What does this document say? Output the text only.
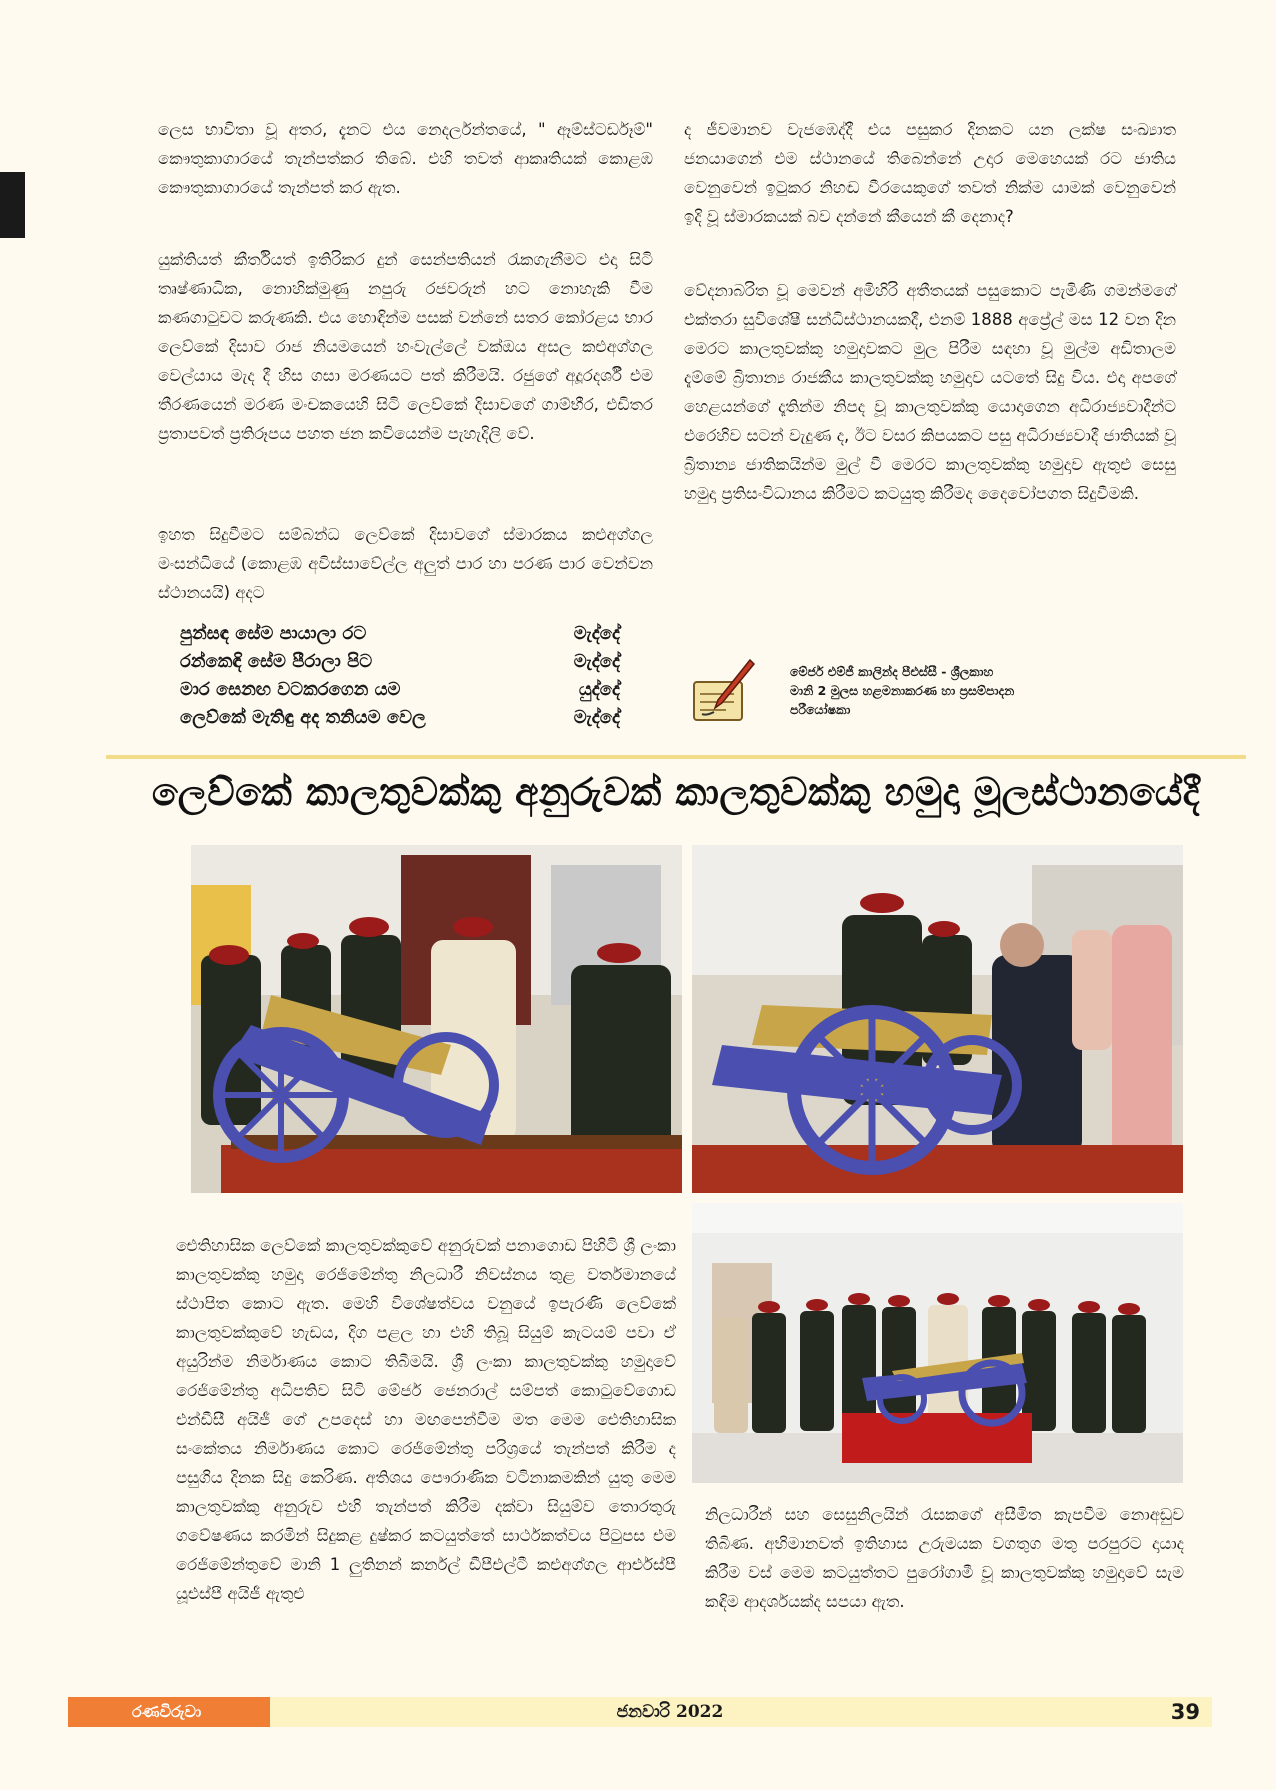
ලෙස භාවිතා වූ අතර, දැනට එය නෙදර්ලන්තයේ, " ඈම්ස්ටර්ඩෑම්" කෞතුකාගාරයේ තැන්පත්කර තිබේ. එහි තවත් ආකෘතියක් කොළඹ කෞතුකාගාරයේ තැන්පත් කර ඇත.

යුක්තියත් කීර්තියත් ඉතිරිකර දුන් සෙන්පතියන් රැකගැනීමට එදා සිටි තෘෂ්ණාධික, නොහික්මුණු නපුරු රජවරුන් හට නොහැකි වීම කණගාටුවට කරුණකි. එය හොඳින්ම පසක් වන්නේ සතර කෝරළය භාර ලෙව්කේ දිසාව රාජ නියමයෙන් හංවැල්ලේ වක්ඔය අසල කළුඅග්ගල වෙල්යාය මැද දී හිස ගසා මරණයට පත් කිරීමයි. රජුගේ අදූරදර්ශී එම තීරණයෙන් මරණ මංචකයෙහි සිටි ලෙව්කේ දිසාවගේ ගාම්භීර, එඩිතර ප්‍රතාපවත් ප්‍රතිරූපය පහත ජන කවියෙන්ම පැහැදිලි වේ.

ඉහත සිදුවීමට සම්බන්ධ ලෙව්කේ දිසාවගේ ස්මාරකය කළුඅග්ගල මංසන්ධියේ (කොළඹ අවිස්සාවේල්ල අලුත් පාර හා පරණ පාර වෙන්වන ස්ථානයයි) අදට

පුන්සඳ සේම පායාලා රට	මැද්දේ
රන්කෙඳි සේම පීරාලා පිට	මැද්දේ
මාර සෙනඟ වටකරගෙන යම	යුද්දේ
ලෙව්කේ මැතිඳු අද තනියම වෙල	මැද්දේ

ද ජීවමානව වැජඹෙද්දී එය පසුකර දිනකට යන ලක්ෂ සංඛ්‍යාත ජනයාගෙන් එම ස්ථානයේ තිබෙන්නේ උදාර මෙහෙයක් රට ජාතිය වෙනුවෙන් ඉටුකර නිහඬ වීරයෙකුගේ තවත් නික්ම යාමක් වෙනුවෙන් ඉදි වූ ස්මාරකයක් බව දන්නේ කීයෙන් කී දෙනාද?

වේදනාබරිත වූ මෙවන් අමිහිරි අතීතයක් පසුකොට පැමිණි ගමන්මගේ එක්තරා සුවිශේෂී සන්ධිස්ථානයකදී, එනම් 1888 අප්‍රේල් මස 12 වන දින මෙරට කාලතුවක්කු හමුදාවකට මුල පිරීම සඳහා වූ මුල්ම අඩිතාලම දැම්මේ බ්‍රිතාන්‍ය රාජකීය කාලතුවක්කු හමුදාව යටතේ සිදු විය. එදා අපගේ හෙළයන්ගේ දෑතින්ම නිපද වූ කාලතුවක්කු යොදාගෙන අධිරාජ්‍යවාදීන්ට එරෙහිව සටන් වැදුණ ද, ඊට වසර කිපයකට පසු අධිරාජ්‍යවාදී ජාතියක් වූ බ්‍රිතාන්‍ය ජාතිකයින්ම මුල් වී මෙරට කාලතුවක්කු හමුදාව ඇතුළු සෙසු හමුදා ප්‍රතිසංවිධානය කිරීමට කටයුතු කිරීමද දෛවෝපගත සිදුවීමකි.

මේජර් එම්ජී කාලින්ද පීඑස්සී - ශ්‍රීලකාහ
මානි 2 මුලස හළමනාකරණ හා ප්‍රසම්පාදන
පරීයෝෂකා
ලෙව්කේ කාලතුවක්කු අනුරුවක් කාලතුවක්කු හමුදා මූලස්ථානයේදී

ඓතිහාසික ලෙව්කේ කාලතුවක්කුවේ අනුරුවක් පනාගොඩ පිහිටි ශ්‍රී ලංකා කාලතුවක්කු හමුදා රෙජිමේන්තු නිලධාරී නිවස්නය තුළ වර්තමානයේ ස්ථාපිත කොට ඇත. මෙහි විශේෂත්වය වනුයේ ඉපැරණි ලෙව්කේ කාලතුවක්කුවේ හැඩය, දිග පළල හා එහි තිබූ සියුම් කැටයම් පවා ඒ අයුරින්ම නිර්මාණය කොට තිබීමයි. ශ්‍රී ලංකා කාලතුවක්කු හමුදාවේ රෙජිමේන්තු අධිපතිව සිටි මේජර් ජෙනරාල් සම්පත් කොටුවේගොඩ එන්ඩීසී අයිජී ගේ උපදෙස් හා මඟපෙන්වීම මත මෙම ඓතිහාසික සංකේතය නිර්මාණය කොට රෙජිමේන්තු පරිශ්‍රයේ තැන්පත් කිරීම ද පසුගිය දිනක සිදු කෙරිණ. අතිශය පෞරාණික වටිනාකමකින් යුතු මෙම කාලතුවක්කු අනුරුව එහි තැන්පත් කිරීම දක්වා සියුම්ව තොරතුරු ගවේෂණය කරමින් සිදුකළ දුෂ්කර කටයුත්තේ සාර්ථකත්වය පිටුපස එම රෙජිමේන්තුවේ මානි 1 ලුතිනන් කර්නල් ඩීපීඑල්ටී කළුඅග්ගල ආර්එස්පී යූඑස්පී අයිජී ඇතුළු

නිලධාරීන් සහ සෙසුනිලයින් රැසකගේ අසීමිත කැපවීම නොඅඩුව තිබිණ. අභිමානවත් ඉතිහාස උරුමයක වගතුග මතු පරපුරට දායාද කිරීම වස් මෙම කටයුත්තට පුරෝගාමී වූ කාලතුවක්කු හමුදාවේ සැම කඳිම ආදර්ශයක්ද සපයා ඇත.

රණවිරුවා	ජනවාරි 2022	39
